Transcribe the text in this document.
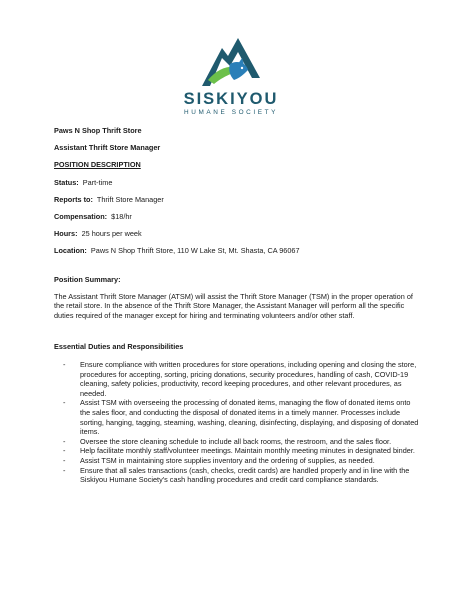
SISKIYOU
HUMANE SOCIETY
Paws N Shop Thrift Store
Assistant Thrift Store Manager
POSITION DESCRIPTION
Status: Part-time
Reports to: Thrift Store Manager
Compensation: $18/hr
Hours: 25 hours per week
Location: Paws N Shop Thrift Store, 110 W Lake St, Mt. Shasta, CA 96067
Position Summary:

The Assistant Thrift Store Manager (ATSM) will assist the Thrift Store Manager (TSM) in the proper operation of the retail store. In the absence of the Thrift Store Manager, the Assistant Manager will perform all the specific duties required of the manager except for hiring and terminating volunteers and/or other staff.

Essential Duties and Responsibilities
- Ensure compliance with written procedures for store operations, including opening and closing the store, procedures for accepting, sorting, pricing donations, security procedures, handling of cash, COVID-19 cleaning, safety policies, productivity, record keeping procedures, and other relevant procedures, as needed.
- Assist TSM with overseeing the processing of donated items, managing the flow of donated items onto the sales floor, and conducting the disposal of donated items in a timely manner. Processes include sorting, hanging, tagging, steaming, washing, cleaning, disinfecting, displaying, and disposing of donated items.
- Oversee the store cleaning schedule to include all back rooms, the restroom, and the sales floor.
- Help facilitate monthly staff/volunteer meetings. Maintain monthly meeting minutes in designated binder.
- Assist TSM in maintaining store supplies inventory and the ordering of supplies, as needed.
- Ensure that all sales transactions (cash, checks, credit cards) are handled properly and in line with the Siskiyou Humane Society's cash handling procedures and credit card compliance standards.
